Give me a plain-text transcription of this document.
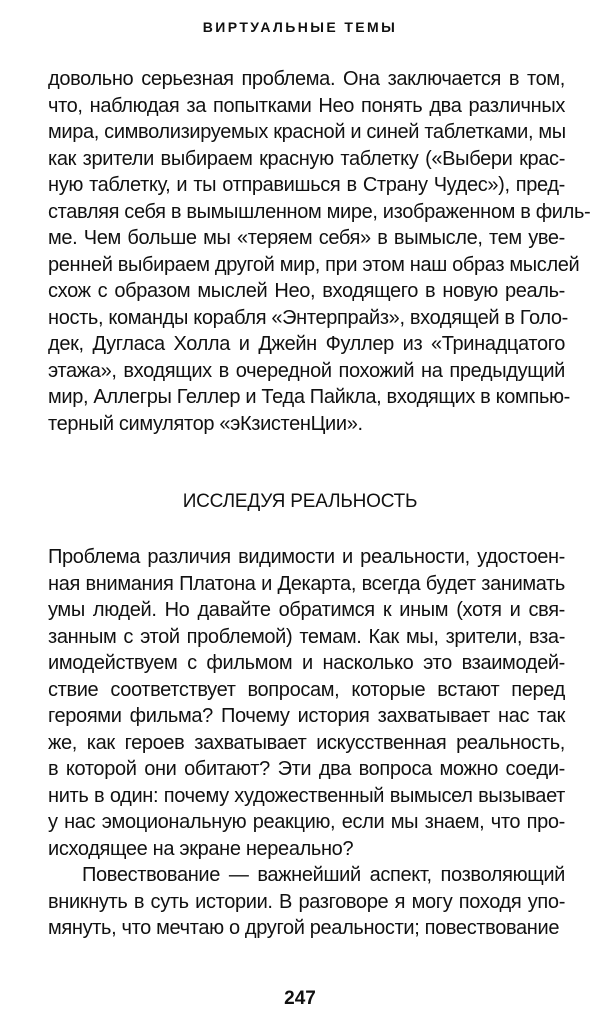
ВИРТУАЛЬНЫЕ ТЕМЫ
довольно серьезная проблема. Она заключается в том,
что, наблюдая за попытками Нео понять два различных
мира, символизируемых красной и синей таблетками, мы
как зрители выбираем красную таблетку («Выбери крас-
ную таблетку, и ты отправишься в Страну Чудес»), пред-
ставляя себя в вымышленном мире, изображенном в филь-
ме. Чем больше мы «теряем себя» в вымысле, тем уве-
ренней выбираем другой мир, при этом наш образ мыслей
схож с образом мыслей Нео, входящего в новую реаль-
ность, команды корабля «Энтерпрайз», входящей в Голо-
дек, Дугласа Холла и Джейн Фуллер из «Тринадцатого
этажа», входящих в очередной похожий на предыдущий
мир, Аллегры Геллер и Теда Пайкла, входящих в компью-
терный симулятор «эКзистенЦии».
ИССЛЕДУЯ РЕАЛЬНОСТЬ
Проблема различия видимости и реальности, удостоен-
ная внимания Платона и Декарта, всегда будет занимать
умы людей. Но давайте обратимся к иным (хотя и свя-
занным с этой проблемой) темам. Как мы, зрители, вза-
имодействуем с фильмом и насколько это взаимодей-
ствие соответствует вопросам, которые встают перед
героями фильма? Почему история захватывает нас так
же, как героев захватывает искусственная реальность,
в которой они обитают? Эти два вопроса можно соеди-
нить в один: почему художественный вымысел вызывает
у нас эмоциональную реакцию, если мы знаем, что про-
исходящее на экране нереально?
Повествование — важнейший аспект, позволяющий
вникнуть в суть истории. В разговоре я могу походя упо-
мянуть, что мечтаю о другой реальности; повествование
247
